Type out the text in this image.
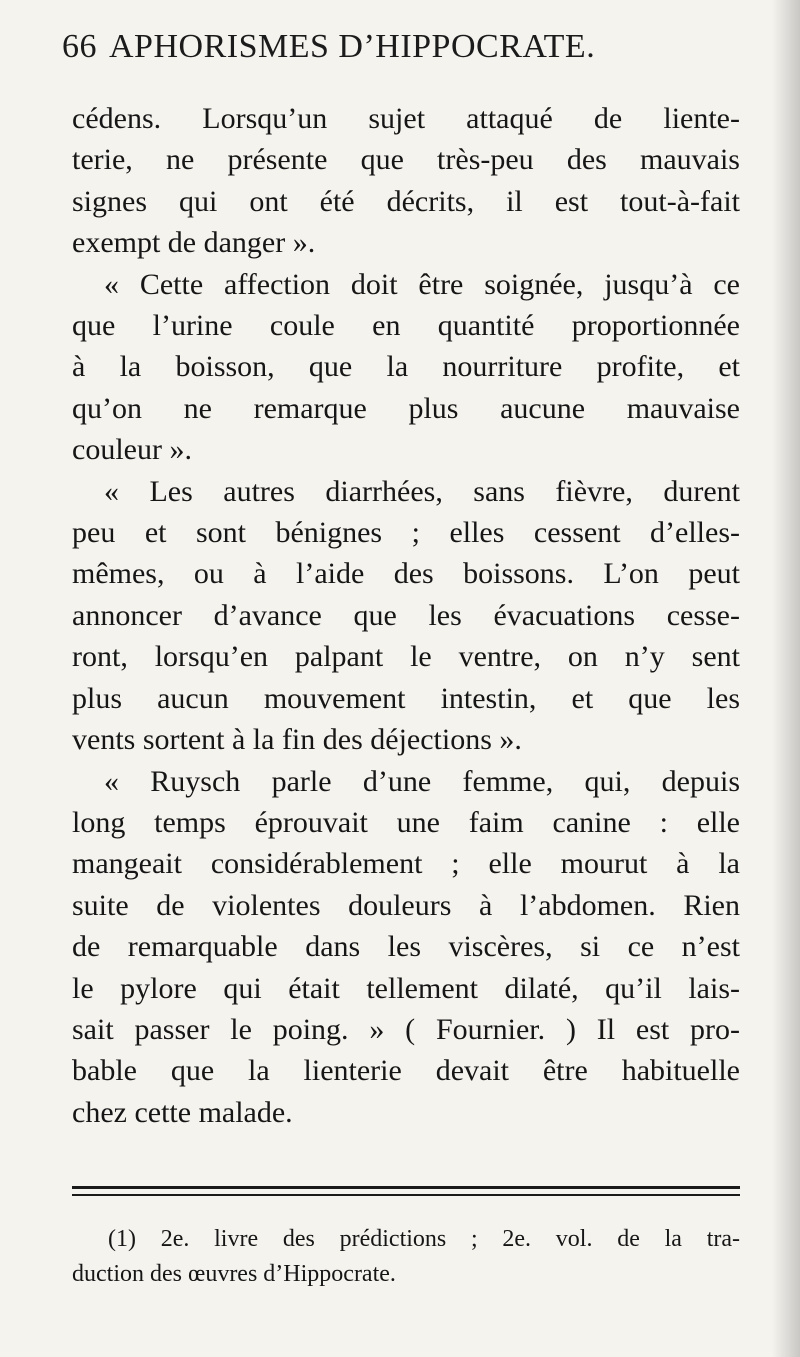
66 APHORISMES D’HIPPOCRATE.
cédens. Lorsqu’un sujet attaqué de liente-
terie, ne présente que très-peu des mauvais
signes qui ont été décrits, il est tout-à-fait
exempt de danger ».
« Cette affection doit être soignée, jusqu’à ce
que l’urine coule en quantité proportionnée
à la boisson, que la nourriture profite, et
qu’on ne remarque plus aucune mauvaise
couleur ».
« Les autres diarrhées, sans fièvre, durent
peu et sont bénignes ; elles cessent d’elles-
mêmes, ou à l’aide des boissons. L’on peut
annoncer d’avance que les évacuations cesse-
ront, lorsqu’en palpant le ventre, on n’y sent
plus aucun mouvement intestin, et que les
vents sortent à la fin des déjections ».
« Ruysch parle d’une femme, qui, depuis
long temps éprouvait une faim canine : elle
mangeait considérablement ; elle mourut à la
suite de violentes douleurs à l’abdomen. Rien
de remarquable dans les viscères, si ce n’est
le pylore qui était tellement dilaté, qu’il lais-
sait passer le poing. » ( Fournier. ) Il est pro-
bable que la lienterie devait être habituelle
chez cette malade.
(1) 2e. livre des prédictions ; 2e. vol. de la tra-
duction des œuvres d’Hippocrate.
